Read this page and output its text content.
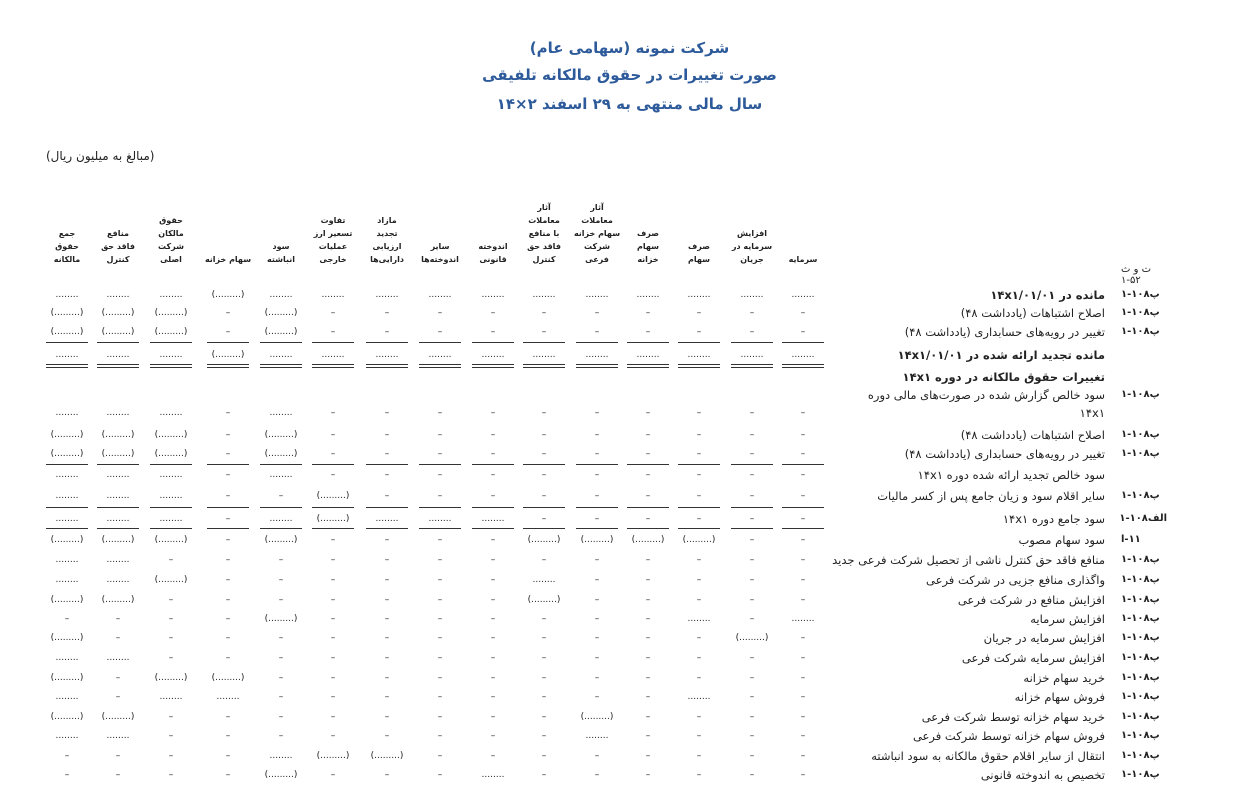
شرکت نمونه (سهامی عام)
صورت تغییرات در حقوق مالکانه تلفیقی
سال مالی منتهی به ۲۹ اسفند ۲×۱۴
(مبالغ به میلیون ریال)
سرمایه
افزایش
سرمایه در
جریان
صرف
سهام
صرف
سهام
خزانه
آثار
معاملات
سهام خزانه
شرکت
فرعی
آثار
معاملات
با منافع
فاقد حق
کنترل
اندوخته
قانونی
سایر
اندوخته‌ها
مازاد
تجدید
ارزیابی
دارایی‌ها
تفاوت
تسعیر ارز
عملیات
خارجی
سود
انباشته
سهام خزانه
حقوق
مالکان
شرکت
اصلی
منافع
فاقد حق
کنترل
جمع
حقوق
مالکانه
ت و ث ۵۲-۱
پ۱۰۸-۱
مانده در ۱۴x۱/۰۱/۰۱
........
........
........
........
........
........
........
........
........
........
........
(.........)
........
........
........
پ۱۰۸-۱
اصلاح اشتباهات (یادداشت ۴۸)
–
–
–
–
–
–
–
–
–
–
(.........)
–
(.........)
(.........)
(.........)
پ۱۰۸-۱
تغییر در رویه‌های حسابداری (یادداشت ۴۸)
–
–
–
–
–
–
–
–
–
–
(.........)
–
(.........)
(.........)
(.........)
مانده تجدید ارائه شده در ۱۴x۱/۰۱/۰۱
........
........
........
........
........
........
........
........
........
........
........
(.........)
........
........
........
تغییرات حقوق مالکانه در دوره ۱۴x۱
پ۱۰۸-۱
سود خالص گزارش شده در صورت‌های مالی دوره
۱۴x۱
–
–
–
–
–
–
–
–
–
–
........
–
........
........
........
پ۱۰۸-۱
اصلاح اشتباهات (یادداشت ۴۸)
–
–
–
–
–
–
–
–
–
–
(.........)
–
(.........)
(.........)
(.........)
پ۱۰۸-۱
تغییر در رویه‌های حسابداری (یادداشت ۴۸)
–
–
–
–
–
–
–
–
–
–
(.........)
–
(.........)
(.........)
(.........)
سود خالص تجدید ارائه شده دوره ۱۴x۱
–
–
–
–
–
–
–
–
–
–
........
–
........
........
........
پ۱۰۸-۱
سایر اقلام سود و زیان جامع پس از کسر مالیات
–
–
–
–
–
–
–
–
–
(.........)
–
–
........
........
........
الف۱۰۸-۱
سود جامع دوره ۱۴x۱
–
–
–
–
–
–
........
........
........
(.........)
........
–
........
........
........
۱۱-ا
سود سهام مصوب
–
–
(.........)
(.........)
(.........)
(.........)
–
–
–
–
(.........)
–
(.........)
(.........)
(.........)
پ۱۰۸-۱
منافع فاقد حق کنترل ناشی از تحصیل شرکت فرعی جدید
–
–
–
–
–
–
–
–
–
–
–
–
–
........
........
پ۱۰۸-۱
واگذاری منافع جزیی در شرکت فرعی
–
–
–
–
–
........
–
–
–
–
–
–
(.........)
........
........
پ۱۰۸-۱
افزایش منافع در شرکت فرعی
–
–
–
–
–
(.........)
–
–
–
–
–
–
–
(.........)
(.........)
پ۱۰۸-۱
افزایش سرمایه
........
–
........
–
–
–
–
–
–
–
(.........)
–
–
–
–
پ۱۰۸-۱
افزایش سرمایه در جریان
–
(.........)
–
–
–
–
–
–
–
–
–
–
–
–
(.........)
پ۱۰۸-۱
افزایش سرمایه شرکت فرعی
–
–
–
–
–
–
–
–
–
–
–
–
–
........
........
پ۱۰۸-۱
خرید سهام خزانه
–
–
–
–
–
–
–
–
–
–
–
(.........)
(.........)
–
(.........)
پ۱۰۸-۱
فروش سهام خزانه
–
–
........
–
–
–
–
–
–
–
–
........
........
–
........
پ۱۰۸-۱
خرید سهام خزانه توسط شرکت فرعی
–
–
–
–
(.........)
–
–
–
–
–
–
–
–
(.........)
(.........)
پ۱۰۸-۱
فروش سهام خزانه توسط شرکت فرعی
–
–
–
–
........
–
–
–
–
–
–
–
–
........
........
پ۱۰۸-۱
انتقال از سایر اقلام حقوق مالکانه به سود انباشته
–
–
–
–
–
–
–
–
(.........)
(.........)
........
–
–
–
–
پ۱۰۸-۱
تخصیص به اندوخته قانونی
–
–
–
–
–
–
........
–
–
–
(.........)
–
–
–
–
